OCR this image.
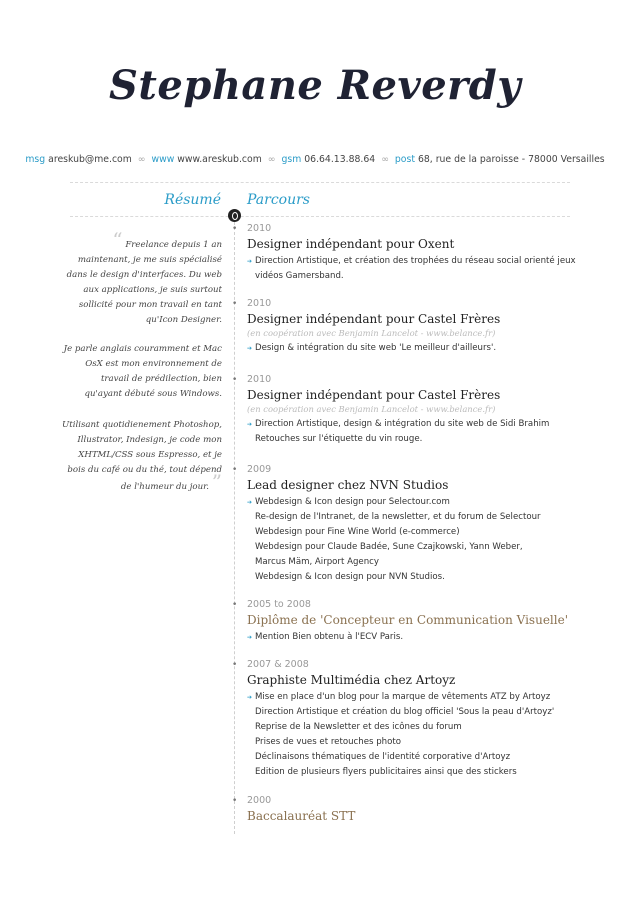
Stephane Reverdy
msg areskub@me.com ∞ www www.areskub.com ∞ gsm 06.64.13.88.64 ∞ post 68, rue de la paroisse - 78000 Versailles
Résumé Parcours
“ Freelance depuis 1 an maintenant, je me suis spécialisé dans le design d'interfaces. Du web aux applications, je suis surtout sollicité pour mon travail en tant qu'Icon Designer.
Je parle anglais couramment et Mac OsX est mon environnement de travail de prédilection, bien qu'ayant débuté sous Windows.
Utilisant quotidienement Photoshop, Illustrator, Indesign, je code mon XHTML/CSS sous Espresso, et je bois du café ou du thé, tout dépend de l'humeur du jour. ”
• 2010
Designer indépendant pour Oxent
➔ Direction Artistique, et création des trophées du réseau social orienté jeux vidéos Gamersband.
• 2010
Designer indépendant pour Castel Frères
(en coopération avec Benjamin Lancelot - www.belance.fr)
➔ Design & intégration du site web 'Le meilleur d'ailleurs'.
• 2010
Designer indépendant pour Castel Frères
(en coopération avec Benjamin Lancelot - www.belance.fr)
➔ Direction Artistique, design & intégration du site web de Sidi Brahim
Retouches sur l'étiquette du vin rouge.
• 2009
Lead designer chez NVN Studios
➔ Webdesign & Icon design pour Selectour.com
Re-design de l'Intranet, de la newsletter, et du forum de Selectour
Webdesign pour Fine Wine World (e-commerce)
Webdesign pour Claude Badée, Sune Czajkowski, Yann Weber,
Marcus Mäm, Airport Agency
Webdesign & Icon design pour NVN Studios.
• 2005 to 2008
Diplôme de 'Concepteur en Communication Visuelle'
➔ Mention Bien obtenu à l'ECV Paris.
• 2007 & 2008
Graphiste Multimédia chez Artoyz
➔ Mise en place d'un blog pour la marque de vêtements ATZ by Artoyz
Direction Artistique et création du blog officiel 'Sous la peau d'Artoyz'
Reprise de la Newsletter et des icônes du forum
Prises de vues et retouches photo
Déclinaisons thématiques de l'identité corporative d'Artoyz
Edition de plusieurs flyers publicitaires ainsi que des stickers
• 2000
Baccalauréat STT
